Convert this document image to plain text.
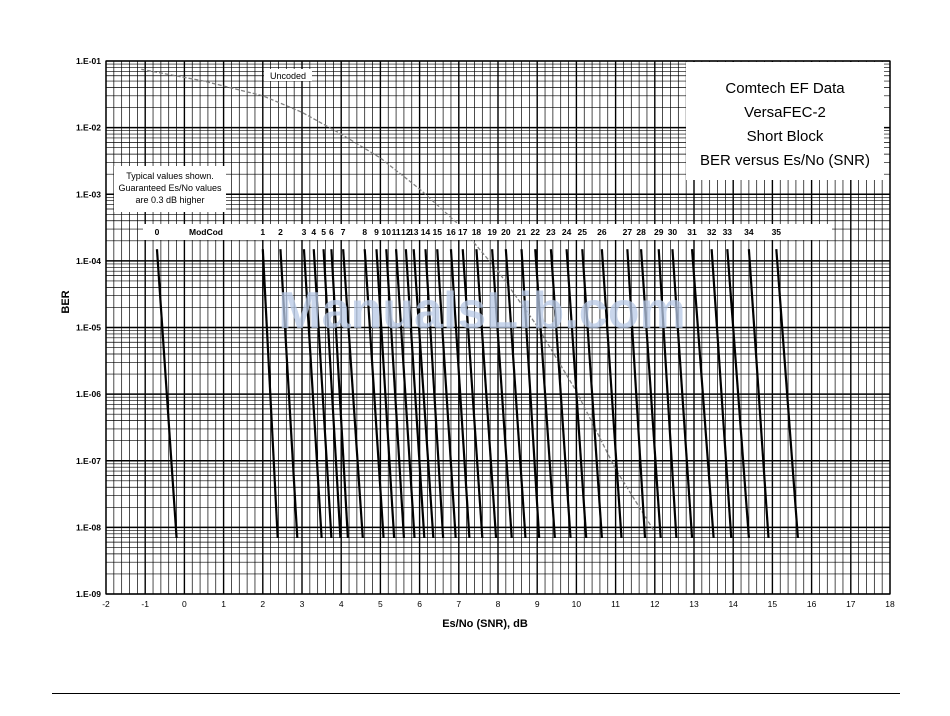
0	1 2 3 4 5 6 7 8 9 10 11 12
13 14 15 16 17 18 19 20 21 22 23 24 25 26 27 28 29 30 31 32 33 34 35
ModCod
-2	-1	0	1	2	3	4	5	6	7	8	9	10	11	12	13	14	15	16	17	18
1.E-09
1.E-08
1.E-07
1.E-06
1.E-05
1.E-04
1.E-03
1.E-02
1.E-01
Comtech EF Data
VersaFEC-2
Short Block
BER versus Es/No (SNR)
Typical values shown. Guaranteed Es/No values are 0.3 dB higher
Uncoded
Es/No (SNR), dB
BER	ManualsLib.com
